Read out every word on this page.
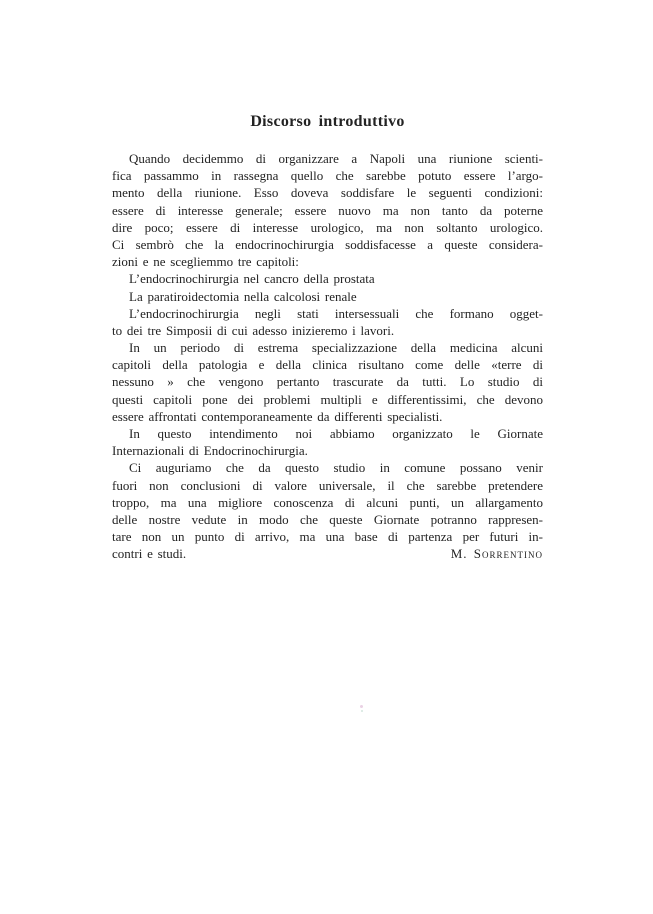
Discorso introduttivo
Quando decidemmo di organizzare a Napoli una riunione scienti-
fica passammo in rassegna quello che sarebbe potuto essere l’argo-
mento della riunione. Esso doveva soddisfare le seguenti condizioni:
essere di interesse generale; essere nuovo ma non tanto da poterne
dire poco; essere di interesse urologico, ma non soltanto urologico.
Ci sembrò che la endocrinochirurgia soddisfacesse a queste considera-
zioni e ne scegliemmo tre capitoli:
L’endocrinochirurgia nel cancro della prostata
La paratiroidectomia nella calcolosi renale
L’endocrinochirurgia negli stati intersessuali che formano ogget-
to dei tre Simposii di cui adesso inizieremo i lavori.
In un periodo di estrema specializzazione della medicina alcuni
capitoli della patologia e della clinica risultano come delle «terre di
nessuno » che vengono pertanto trascurate da tutti. Lo studio di
questi capitoli pone dei problemi multipli e differentissimi, che devono
essere affrontati contemporaneamente da differenti specialisti.
In questo intendimento noi abbiamo organizzato le Giornate
Internazionali di Endocrinochirurgia.
Ci auguriamo che da questo studio in comune possano venir
fuori non conclusioni di valore universale, il che sarebbe pretendere
troppo, ma una migliore conoscenza di alcuni punti, un allargamento
delle nostre vedute in modo che queste Giornate potranno rappresen-
tare non un punto di arrivo, ma una base di partenza per futuri in-
contri e studi.	M. Sorrentino
